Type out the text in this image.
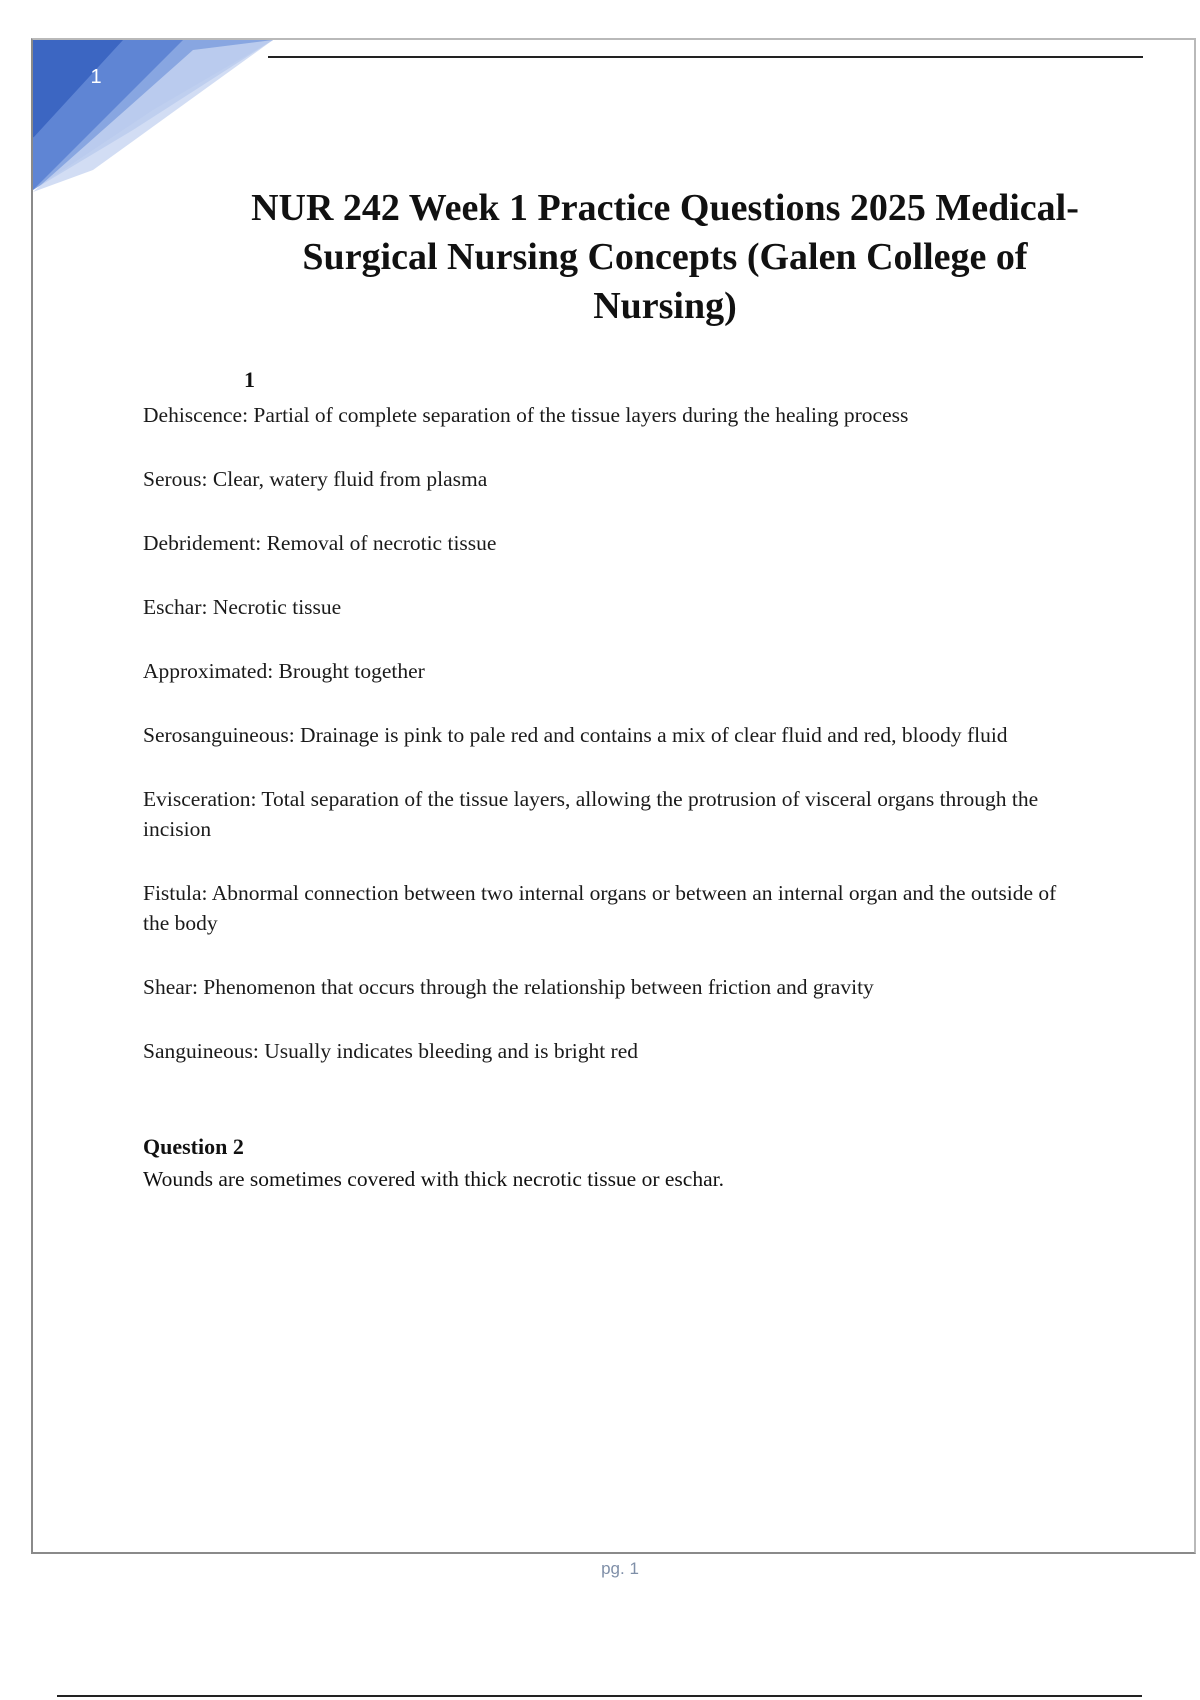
1
NUR 242 Week 1 Practice Questions 2025 Medical-Surgical Nursing Concepts (Galen College of Nursing)
1
Dehiscence: Partial of complete separation of the tissue layers during the healing process
Serous: Clear, watery fluid from plasma
Debridement: Removal of necrotic tissue
Eschar: Necrotic tissue
Approximated: Brought together
Serosanguineous: Drainage is pink to pale red and contains a mix of clear fluid and red, bloody fluid
Evisceration: Total separation of the tissue layers, allowing the protrusion of visceral organs through the incision
Fistula: Abnormal connection between two internal organs or between an internal organ and the outside of the body
Shear: Phenomenon that occurs through the relationship between friction and gravity
Sanguineous: Usually indicates bleeding and is bright red

Question 2

Wounds are sometimes covered with thick necrotic tissue or eschar.

pg. 1
